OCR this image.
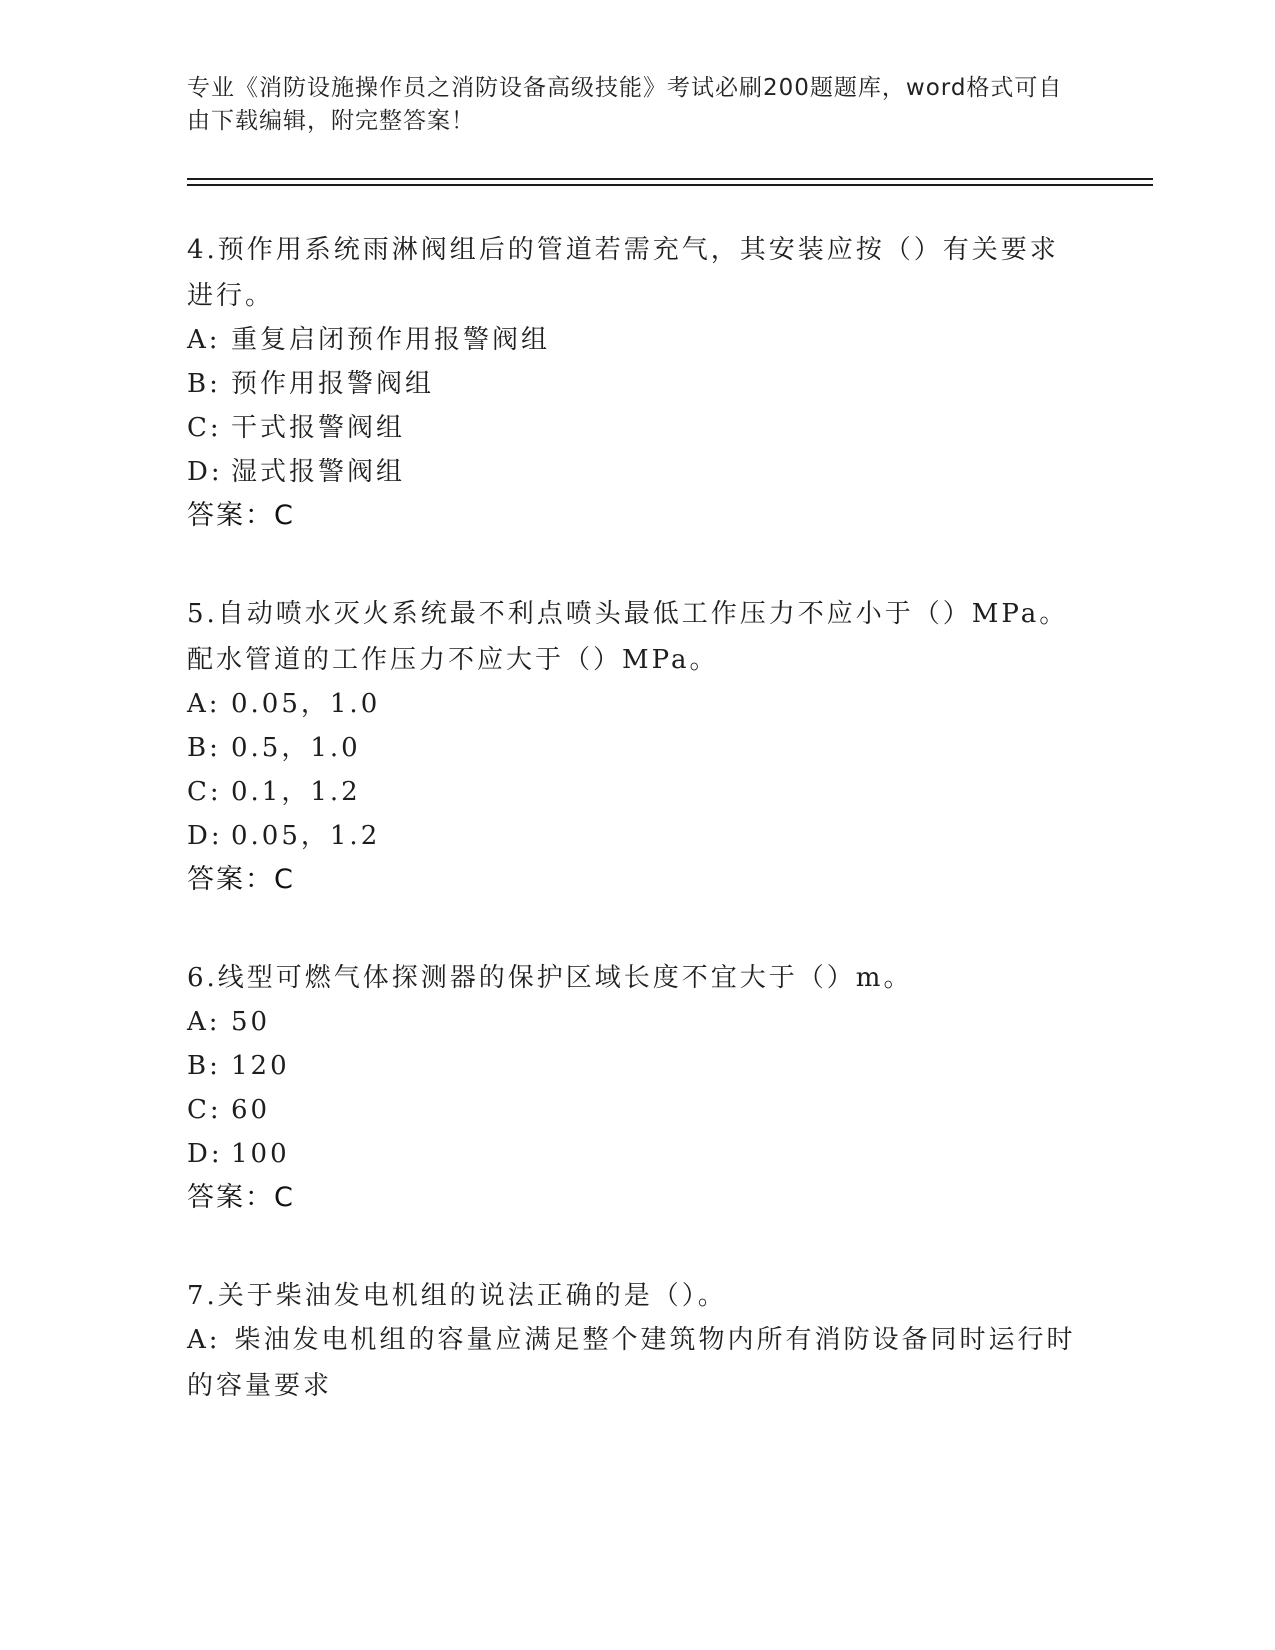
专业《消防设施操作员之消防设备高级技能》考试必刷200题题库，word格式可自由下载编辑，附完整答案！
4.预作用系统雨淋阀组后的管道若需充气，其安装应按（）有关要求进行。
A: 重复启闭预作用报警阀组
B: 预作用报警阀组
C: 干式报警阀组
D: 湿式报警阀组
答案：C
5.自动喷水灭火系统最不利点喷头最低工作压力不应小于（）MPa。配水管道的工作压力不应大于（）MPa。
A: 0.05，1.0
B: 0.5，1.0
C: 0.1，1.2
D: 0.05，1.2
答案：C
6.线型可燃气体探测器的保护区域长度不宜大于（）m。
A: 50
B: 120
C: 60
D: 100
答案：C
7.关于柴油发电机组的说法正确的是（）。
A: 柴油发电机组的容量应满足整个建筑物内所有消防设备同时运行时的容量要求
